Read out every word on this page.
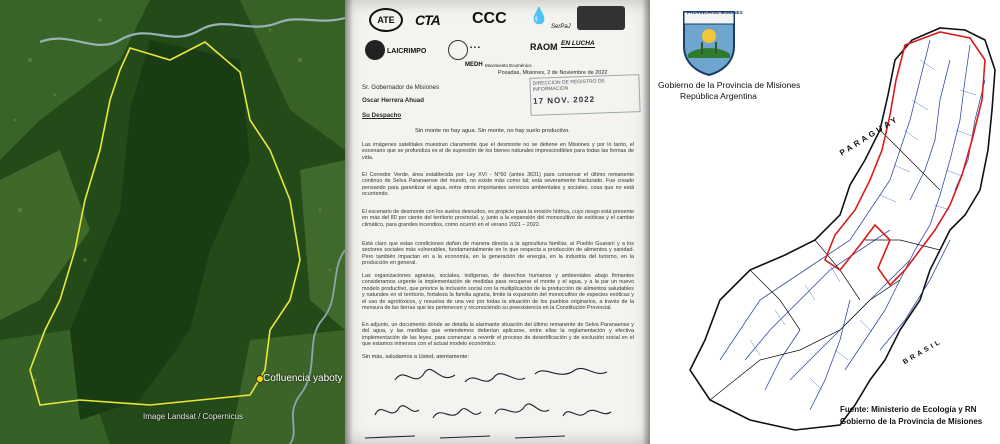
Cofluencia yaboty
Image Landsat / Copernicus
ATE	CTA CCC 💧
SerPaJ
LAICRIMPO	▪ ▪ ▪	RAOM EN LUCHA
MEDH Movimiento Ecuménico
Posadas, Misiones, 2 de Noviembre de 2022
DIRECCION DE REGISTRO DE INFORMACION
17 NOV. 2022
Sr. Gobernador de Misiones
Oscar Herrera Ahuad
Su Despacho
Sin monte no hay agua. Sin monte, no hay suelo productivo.
Las imágenes satelitales muestran claramente que el desmonte no se detiene en Misiones y por lo tanto, el escenario que se profundiza es el de supresión de los bienes naturales imprescindibles para todas las formas de vida.
El Corredor Verde, área establecida por Ley XVI - N°60 (antes 3631) para conservar el último remanente continuo de Selva Paranaense del mundo, no existe más como tal; está severamente fracturado. Fue creado pensando para garantizar el agua, entre otros importantes servicios ambientales y sociales, cosa que no está ocurriendo.
El escenario de desmonte con los suelos desnudos, es propicio para la erosión hídrica, cuyo riesgo está presente en más del 80 por ciento del territorio provincial, y, junto a la expansión del monocultivo de exóticas y el cambio climático, para grandes incendios, como ocurrió en el verano 2021 – 2022.
Está claro que estas condiciones dañan de manera directa a la agricultura familiar, al Pueblo Guaraní y a los sectores sociales más vulnerables, fundamentalmente en lo que respecta a producción de alimentos y sanidad. Pero también impactan en a la economía, en la generación de energía, en la industria del turismo, en la producción en general.
Las organizaciones agrarias, sociales, indígenas, de derechos humanos y ambientales abajo firmantes consideramos urgente la implementación de medidas para recuperar el monte y el agua, y a la par un nuevo modelo productivo, que priorice la inclusión social con la multiplicación de la producción de alimentos saludables y naturales en el territorio, fortaleza la familia agraria, limite la expansión del monocultivo de especies exóticas y el uso de agrotóxicos, y resuelva de una vez por todas la situación de los pueblos originarios, a través de la mensura de las tierras que les pertenecen y reconociendo su preexistencia en la Constitución Provincial.
En adjunto, un documento donde se detalla la alarmante situación del último remanente de Selva Paranaense y del agua, y las medidas que entendemos deberían aplicarse, entre ellas la reglamentación y efectiva implementación de las leyes, para comenzar a revertir el proceso de desertificación y de exclusión social en el que estamos inmersos con el actual modelo económico.
Sin más, saludamos a Usted, atentamente:
PROVINCIA DE MISIONES
Gobierno de la Provincia de Misiones
República Argentina
PARAGUAY
BRASIL
Fuente: Ministerio de Ecología y RN
Gobierno de la Provincia de Misiones
